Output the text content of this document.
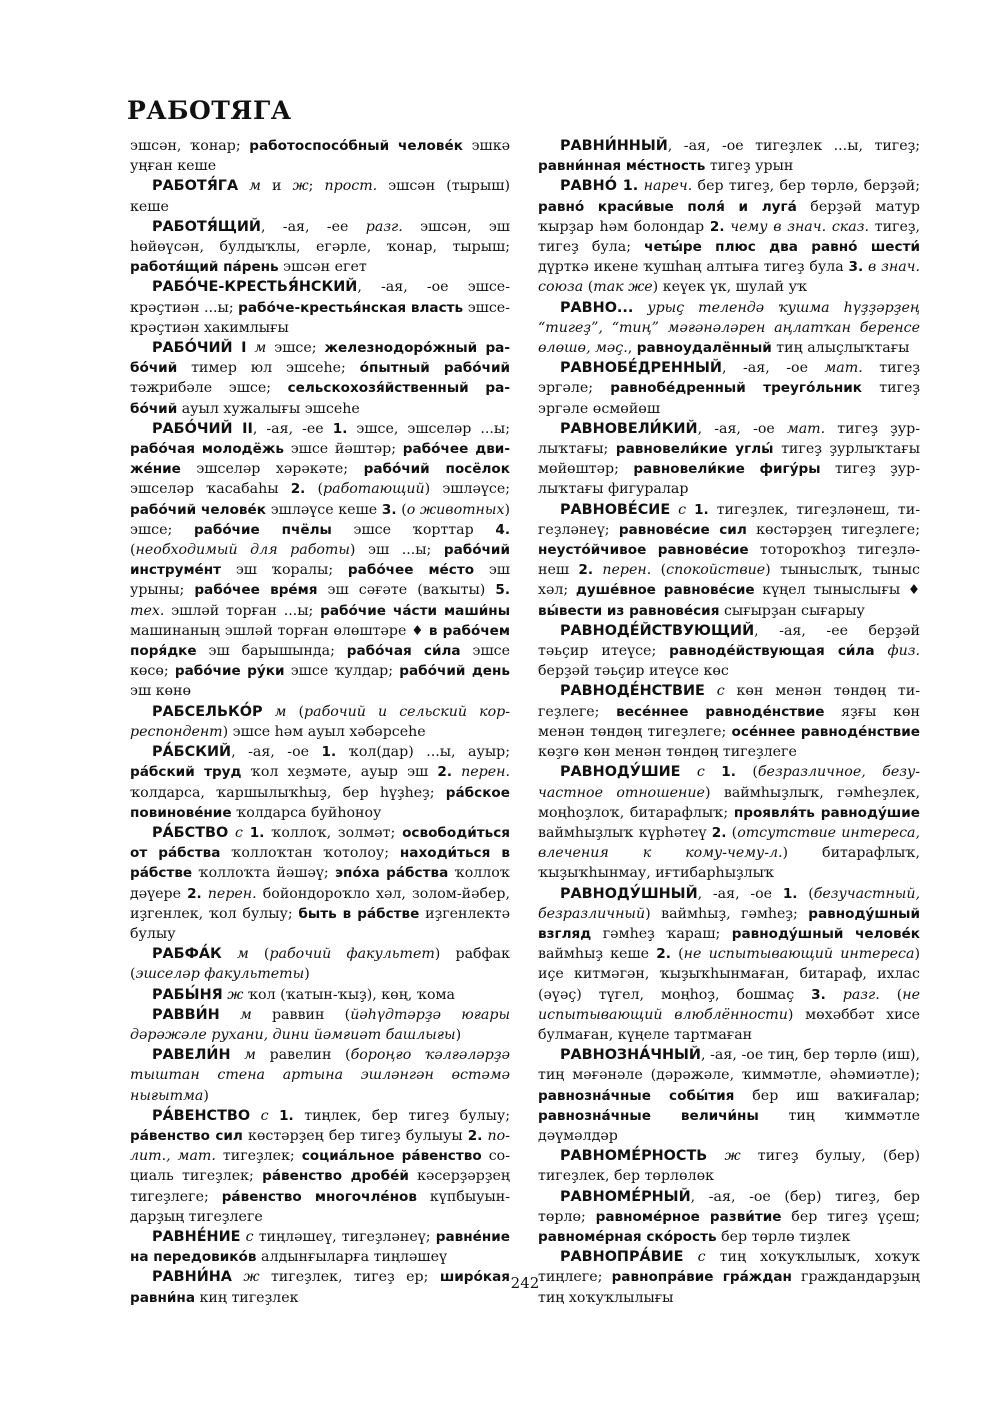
РАБОТЯГА

эшсән, ҡонар; работоспосо́бный челове́к эшкә уңған кеше

РАБОТЯ́ГА м и ж; прост. эшсән (тырыш) кеше

РАБОТЯ́ЩИЙ, -ая, -ее разг. эшсән, эш һөйөүсән, булдыҡлы, егәрле, ҡонар, тырыш; работя́щий па́рень эшсән егет

РАБО́ЧЕ-КРЕСТЬЯ́НСКИЙ, -ая, -ое эшсе-крәҫтиән ...ы; рабо́че-крестья́нская власть эшсе-крәҫтиән хакимлығы

РАБО́ЧИЙ I м эшсе; железнодоро́жный рабо́чий тимер юл эшсеһе; о́пытный рабо́чий тәжрибәле эшсе; сельскохозя́йственный рабо́чий ауыл хужалығы эшсеһе

РАБО́ЧИЙ II, -ая, -ее 1. эшсе, эшселәр ...ы; рабо́чая молодёжь эшсе йәштәр; рабо́чее движе́ние эшселәр хәрәкәте; рабо́чий посёлок эшселәр ҡасабаһы 2. (работающий) эшләүсе; рабо́чий челове́к эшләүсе кеше 3. (о животных) эшсе; рабо́чие пчёлы эшсе ҡорттар 4. (необходимый для работы) эш ...ы; рабо́чий инструме́нт эш ҡоралы; рабо́чее ме́сто эш урыны; рабо́чее вре́мя эш сәғәте (ваҡыты) 5. тех. эшләй торған ...ы; рабо́чие ча́сти маши́ны машинаның эшләй торған өлөштәре ♦ в рабо́чем поря́дке эш барышында; рабо́чая си́ла эшсе көсө; рабо́чие ру́ки эшсе ҡулдар; рабо́чий день эш көнө

РАБСЕЛЬКО́Р м (рабочий и сельский корреспондент) эшсе һәм ауыл хәбәрсеһе

РА́БСКИЙ, -ая, -ое 1. ҡол(дар) ...ы, ауыр; ра́бский труд ҡол хеҙмәте, ауыр эш 2. перен. ҡолдарса, ҡаршылыҡһыҙ, бер һүҙһеҙ; ра́бское повинове́ние ҡолдарса буйһоноу

РА́БСТВО с 1. ҡоллоҡ, золмәт; освободи́ться от ра́бства ҡоллоҡтан ҡотолоу; находи́ться в ра́бстве ҡоллоҡта йәшәү; эпо́ха ра́бства ҡоллоҡ дәүере 2. перен. бойондороҡло хәл, золом-йәбер, иҙгенлек, ҡол булыу; быть в ра́бстве иҙгенлектә булыу

РАБФА́К м (рабочий факультет) рабфак (эшселәр факультеты)

РАБЫ́НЯ ж ҡол (ҡатын-ҡыҙ), көң, ҡома

РАВВИ́Н м раввин (йәһүдтәрҙә юғары дәрәжәле рухани, дини йәмғиәт башлығы)

РАВЕЛИ́Н м равелин (бороңғо ҡәлғәләрҙә тыштан стена артына эшләнгән өстәмә нығытма)

РА́ВЕНСТВО с 1. тиңлек, бер тигеҙ булыу; ра́венство сил көстәрҙең бер тигеҙ булыуы 2. полит., мат. тигеҙлек; социа́льное ра́венство социаль тигеҙлек; ра́венство дробе́й кәсерҙәрҙең тигеҙлеге; ра́венство многочле́нов күпбыуындарҙың тигеҙлеге

РАВНЕ́НИЕ с тиңләшеү, тигеҙләнеү; равне́ние на передовико́в алдынғыларға тиңләшеү

РАВНИ́НА ж тигеҙлек, тигеҙ ер; широ́кая равни́на киң тигеҙлек

РАВНИ́ННЫЙ, -ая, -ое тигеҙлек ...ы, тигеҙ; равни́нная ме́стность тигеҙ урын

РАВНО́ 1. нареч. бер тигеҙ, бер төрлө, берҙәй; равно́ краси́вые поля́ и луга́ берҙәй матур ҡырҙар һәм болондар 2. чему в знач. сказ. тигеҙ, тигеҙ була; четы́ре плюс два равно́ шести́ дүрткә икене ҡушһаң алтыға тигеҙ була 3. в знач. союза (так же) кеүек үк, шулай уҡ

РАВНО... урыҫ телендә ҡушма һүҙҙәрҙең “тигеҙ”, “тиң” мәғәнәләрен аңлатҡан беренсе өлөшө, мәҫ., равноудалённый тиң алыҫлыҡтағы

РАВНОБЕ́ДРЕННЫЙ, -ая, -ое мат. тигеҙ эргәле; равнобе́дренный треуго́льник тигеҙ эргәле өсмөйөш

РАВНОВЕЛИ́КИЙ, -ая, -ое мат. тигеҙ ҙурлыҡтағы; равновели́кие углы́ тигеҙ ҙурлыҡтағы мөйөштәр; равновели́кие фигу́ры тигеҙ ҙурлыҡтағы фигуралар

РАВНОВЕ́СИЕ с 1. тигеҙлек, тигеҙләнеш, тигеҙләнеү; равнове́сие сил көстәрҙең тигеҙлеге; неусто́йчивое равнове́сие тотороҡһоҙ тигеҙләнеш 2. перен. (спокойствие) тыныслыҡ, тыныс хәл; душе́вное равнове́сие күңел тыныслығы ♦ вы́вести из равнове́сия сығырҙан сығарыу

РАВНОДЕ́ЙСТВУЮЩИЙ, -ая, -ее берҙәй тәьҫир итеүсе; равноде́йствующая си́ла физ. берҙәй тәьҫир итеүсе көс

РАВНОДЕ́НСТВИЕ с көн менән төндөң тигеҙлеге; весе́ннее равноде́нствие яҙғы көн менән төндөң тигеҙлеге; осе́ннее равноде́нствие көҙгө көн менән төндөң тигеҙлеге

РАВНОДУ́ШИЕ с 1. (безразличное, безучастное отношение) ваймһыҙлыҡ, гәмһеҙлек, моңһоҙлоҡ, битарафлыҡ; проявля́ть равноду́шие ваймһыҙлыҡ күрһәтеү 2. (отсутствие интереса, влечения к кому-чему-л.) битарафлыҡ, ҡыҙыҡһынмау, иғтибарһыҙлыҡ

РАВНОДУ́ШНЫЙ, -ая, -ое 1. (безучастный, безразличный) ваймһыҙ, гәмһеҙ; равноду́шный взгляд гәмһеҙ ҡараш; равноду́шный челове́к ваймһыҙ кеше 2. (не испытывающий интереса) иҫе китмәгән, ҡыҙыҡһынмаған, битараф, ихлас (әүәҫ) түгел, моңһоҙ, бошмаҫ 3. разг. (не испытывающий влюблённости) мөхәббәт хисе булмаған, күңеле тартмаған

РАВНОЗНА́ЧНЫЙ, -ая, -ое тиң, бер төрлө (иш), тиң мәғәнәле (дәрәжәле, ҡиммәтле, әһәмиәтле); равнозна́чные собы́тия бер иш ваҡиғалар; равнозна́чные величи́ны тиң ҡиммәтле дәүмәлдәр

РАВНОМЕ́РНОСТЬ ж тигеҙ булыу, (бер) тигеҙлек, бер төрлөлөк

РАВНОМЕ́РНЫЙ, -ая, -ое (бер) тигеҙ, бер төрлө; равноме́рное разви́тие бер тигеҙ үҫеш; равноме́рная ско́рость бер төрлө тиҙлек

РАВНОПРА́ВИЕ с тиң хоҡуҡлылыҡ, хоҡуҡ тиңлеге; равнопра́вие гра́ждан граждандарҙың тиң хоҡуҡлылығы

242
